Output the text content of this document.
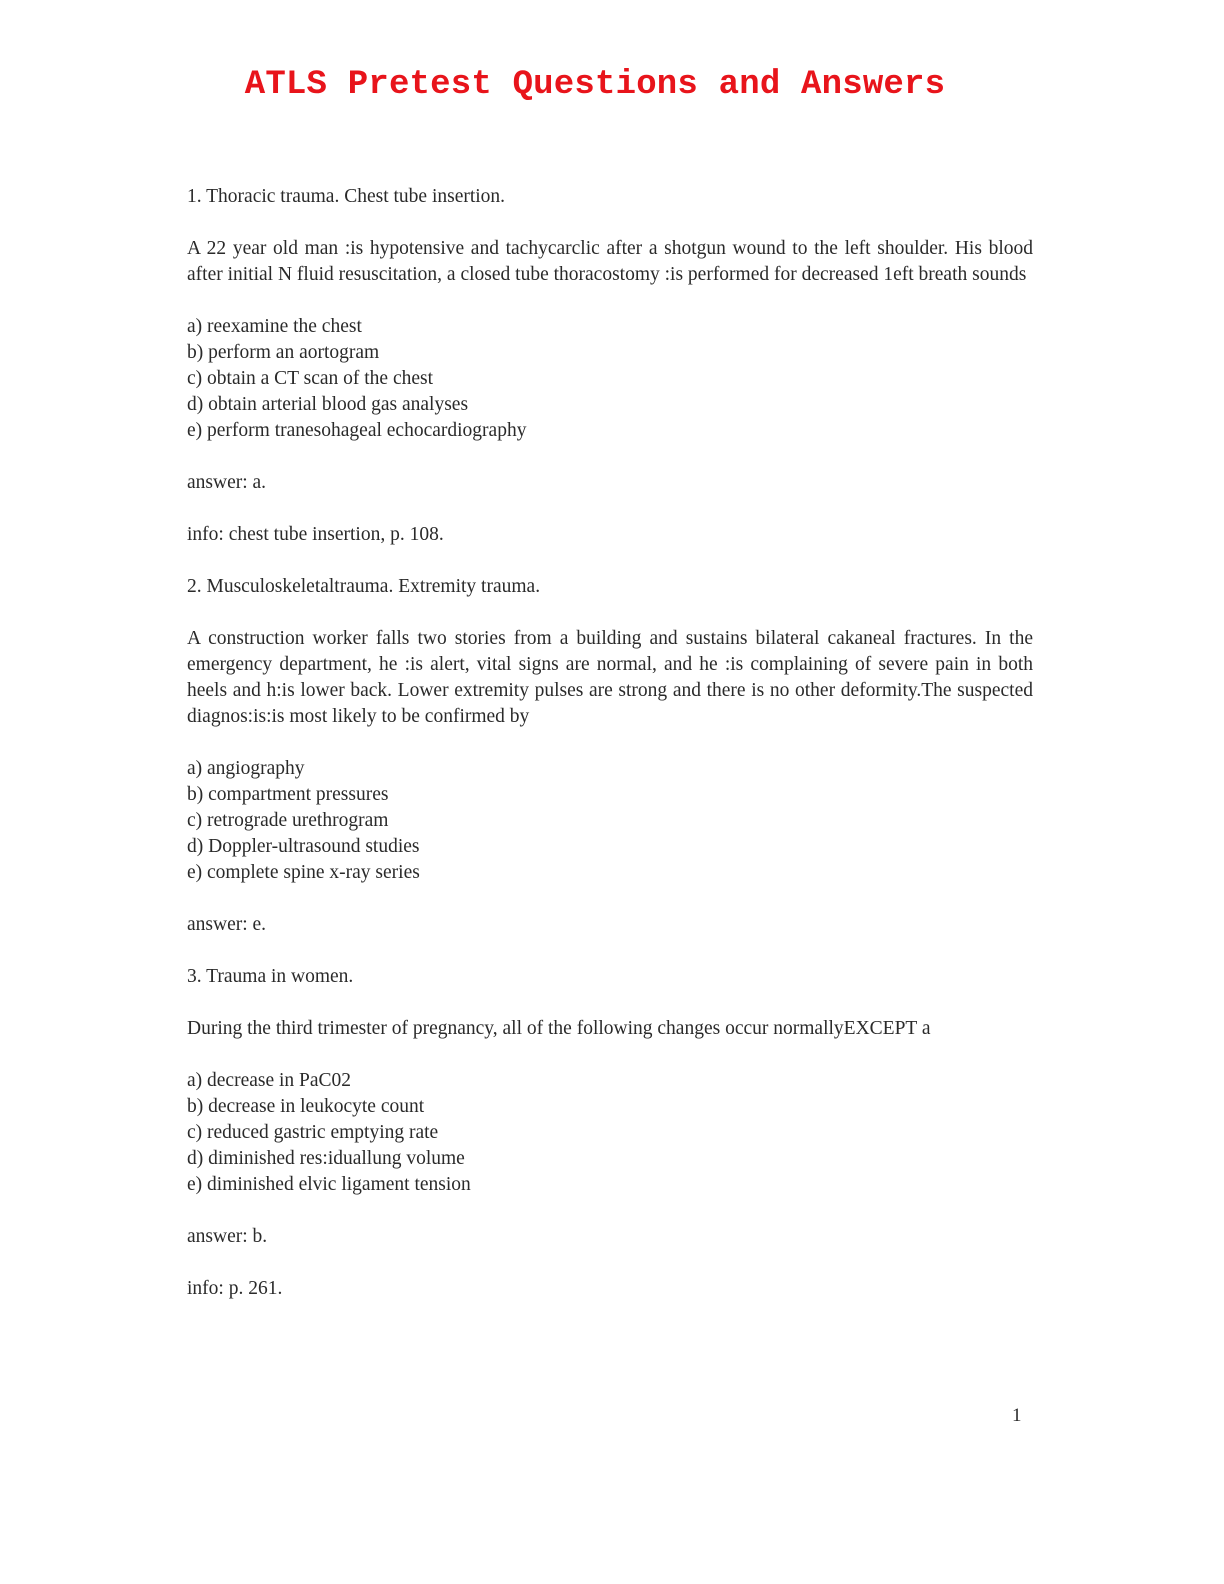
ATLS Pretest Questions and Answers

1. Thoracic trauma. Chest tube insertion.

A 22 year old man :is hypotensive and tachycarclic after a shotgun wound to the left shoulder. His blood after initial N fluid resuscitation, a closed tube thoracostomy :is performed for decreased 1eft breath sounds

a) reexamine the chest

b) perform an aortogram

c) obtain a CT scan of the chest

d) obtain arterial blood gas analyses

e) perform tranesohageal echocardiography

answer: a.

info: chest tube insertion, p. 108.

2. Musculoskeletaltrauma. Extremity trauma.

A construction worker falls two stories from a building and sustains bilateral cakaneal fractures. In the emergency department, he :is alert, vital signs are normal, and he :is complaining of severe pain in both heels and h:is lower back. Lower extremity pulses are strong and there is no other deformity.The suspected diagnos:is:is most likely to be confirmed by

a) angiography

b) compartment pressures

c) retrograde urethrogram

d) Doppler-ultrasound studies

e) complete spine x-ray series

answer: e.

3. Trauma in women.

During the third trimester of pregnancy, all of the following changes occur normallyEXCEPT a

a) decrease in PaC02

b) decrease in leukocyte count

c) reduced gastric emptying rate

d) diminished res:iduallung volume

e) diminished elvic ligament tension

answer: b.

info: p. 261.

1
